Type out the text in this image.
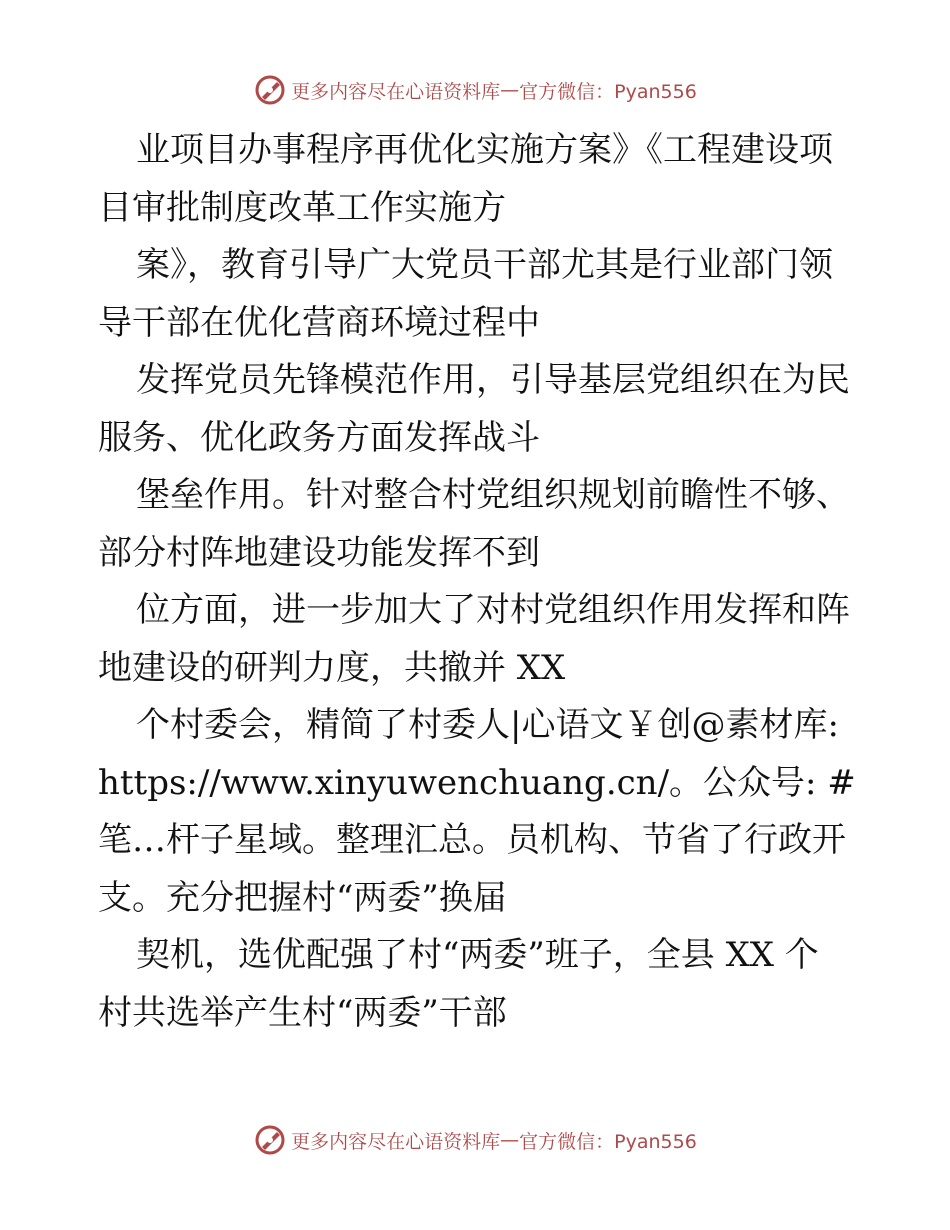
更多内容尽在心语资料库 — 官方微信：Pyan556
业项目办事程序再优化实施方案》《工程建设项
目审批制度改革工作实施方
案》，教育引导广大党员干部尤其是行业部门领
导干部在优化营商环境过程中
发挥党员先锋模范作用，引导基层党组织在为民
服务、优化政务方面发挥战斗
堡垒作用。针对整合村党组织规划前瞻性不够、
部分村阵地建设功能发挥不到
位方面，进一步加大了对村党组织作用发挥和阵
地建设的研判力度，共撤并 XX
个村委会，精简了村委人|心语文￥创@素材库:
https://www.xinyuwenchuang.cn/。公众号: #
笔…杆子星域。整理汇总。员机构、节省了行政开
支。充分把握村“两委”换届
契机，选优配强了村“两委”班子，全县 XX 个
村共选举产生村“两委”干部
更多内容尽在心语资料库 — 官方微信：Pyan556
